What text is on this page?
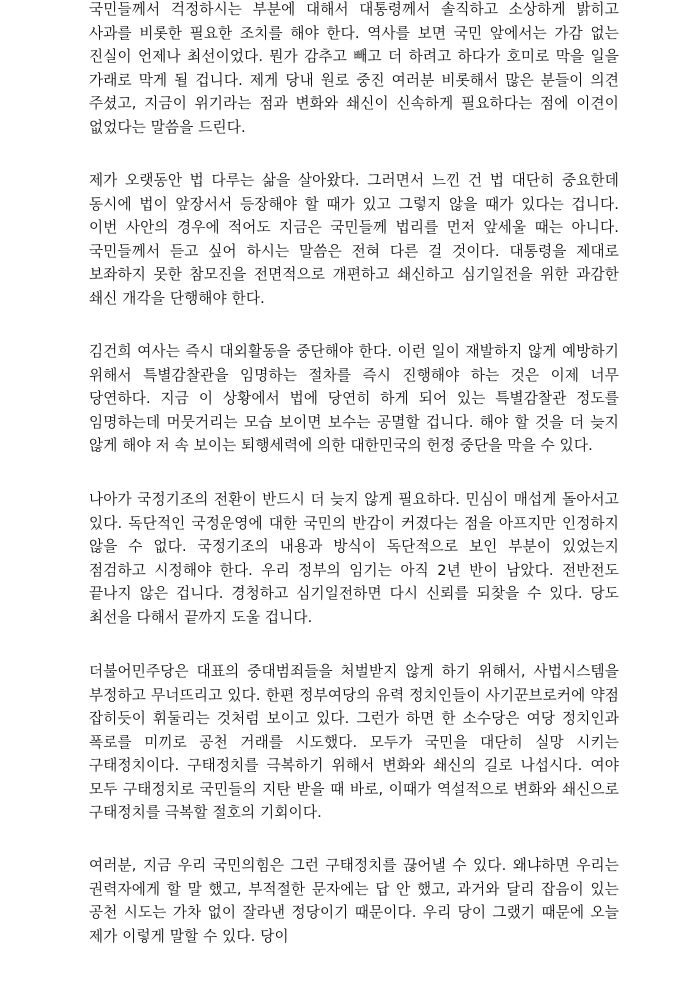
국민들께서 걱정하시는 부분에 대해서 대통령께서 솔직하고 소상하게 밝히고 사과를 비롯한 필요한 조치를 해야 한다. 역사를 보면 국민 앞에서는 가감 없는 진실이 언제나 최선이었다. 뭔가 감추고 빼고 더 하려고 하다가 호미로 막을 일을 가래로 막게 될 겁니다. 제게 당내 원로 중진 여러분 비롯해서 많은 분들이 의견 주셨고, 지금이 위기라는 점과 변화와 쇄신이 신속하게 필요하다는 점에 이견이 없었다는 말씀을 드린다.

제가 오랫동안 법 다루는 삶을 살아왔다. 그러면서 느낀 건 법 대단히 중요한데 동시에 법이 앞장서서 등장해야 할 때가 있고 그렇지 않을 때가 있다는 겁니다. 이번 사안의 경우에 적어도 지금은 국민들께 법리를 먼저 앞세울 때는 아니다. 국민들께서 듣고 싶어 하시는 말씀은 전혀 다른 걸 것이다. 대통령을 제대로 보좌하지 못한 참모진을 전면적으로 개편하고 쇄신하고 심기일전을 위한 과감한 쇄신 개각을 단행해야 한다.

김건희 여사는 즉시 대외활동을 중단해야 한다. 이런 일이 재발하지 않게 예방하기 위해서 특별감찰관을 임명하는 절차를 즉시 진행해야 하는 것은 이제 너무 당연하다. 지금 이 상황에서 법에 당연히 하게 되어 있는 특별감찰관 정도를 임명하는데 머뭇거리는 모습 보이면 보수는 공멸할 겁니다. 해야 할 것을 더 늦지 않게 해야 저 속 보이는 퇴행세력에 의한 대한민국의 헌정 중단을 막을 수 있다.

나아가 국정기조의 전환이 반드시 더 늦지 않게 필요하다. 민심이 매섭게 돌아서고 있다. 독단적인 국정운영에 대한 국민의 반감이 커졌다는 점을 아프지만 인정하지 않을 수 없다. 국정기조의 내용과 방식이 독단적으로 보인 부분이 있었는지 점검하고 시정해야 한다. 우리 정부의 임기는 아직 2년 반이 남았다. 전반전도 끝나지 않은 겁니다. 경청하고 심기일전하면 다시 신뢰를 되찾을 수 있다. 당도 최선을 다해서 끝까지 도울 겁니다.

더불어민주당은 대표의 중대범죄들을 처벌받지 않게 하기 위해서, 사법시스템을 부정하고 무너뜨리고 있다. 한편 정부여당의 유력 정치인들이 사기꾼브로커에 약점 잡히듯이 휘둘리는 것처럼 보이고 있다. 그런가 하면 한 소수당은 여당 정치인과 폭로를 미끼로 공천 거래를 시도했다. 모두가 국민을 대단히 실망 시키는 구태정치이다. 구태정치를 극복하기 위해서 변화와 쇄신의 길로 나섭시다. 여야 모두 구태정치로 국민들의 지탄 받을 때 바로, 이때가 역설적으로 변화와 쇄신으로 구태정치를 극복할 절호의 기회이다.

여러분, 지금 우리 국민의힘은 그런 구태정치를 끊어낼 수 있다. 왜냐하면 우리는 권력자에게 할 말 했고, 부적절한 문자에는 답 안 했고, 과거와 달리 잡음이 있는 공천 시도는 가차 없이 잘라낸 정당이기 때문이다. 우리 당이 그랬기 때문에 오늘 제가 이렇게 말할 수 있다. 당이
